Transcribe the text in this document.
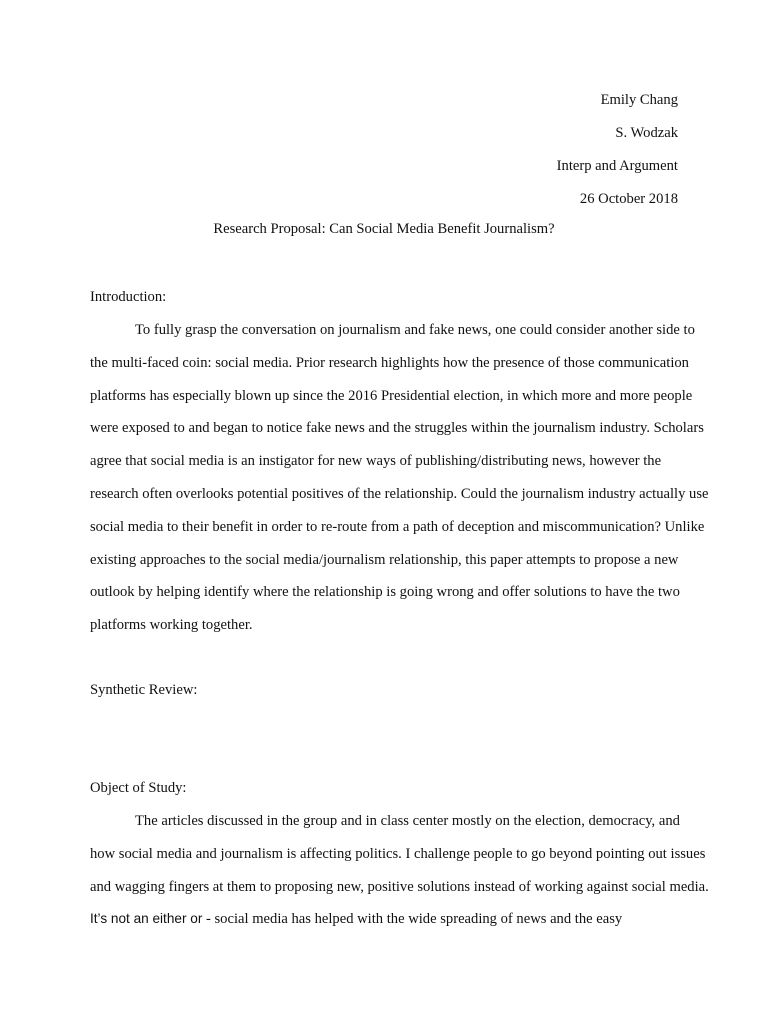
Emily Chang
S. Wodzak
Interp and Argument
26 October 2018
Research Proposal: Can Social Media Benefit Journalism?
Introduction:
To fully grasp the conversation on journalism and fake news, one could consider another side to
the multi-faced coin: social media. Prior research highlights how the presence of those communication
platforms has especially blown up since the 2016 Presidential election, in which more and more people
were exposed to and began to notice fake news and the struggles within the journalism industry. Scholars
agree that social media is an instigator for new ways of publishing/distributing news, however the
research often overlooks potential positives of the relationship. Could the journalism industry actually use
social media to their benefit in order to re-route from a path of deception and miscommunication? Unlike
existing approaches to the social media/journalism relationship, this paper attempts to propose a new
outlook by helping identify where the relationship is going wrong and offer solutions to have the two
platforms working together.
Synthetic Review:
Object of Study:
The articles discussed in the group and in class center mostly on the election, democracy, and
how social media and journalism is affecting politics. I challenge people to go beyond pointing out issues
and wagging fingers at them to proposing new, positive solutions instead of working against social media.
It’s not an either or - social media has helped with the wide spreading of news and the easy
